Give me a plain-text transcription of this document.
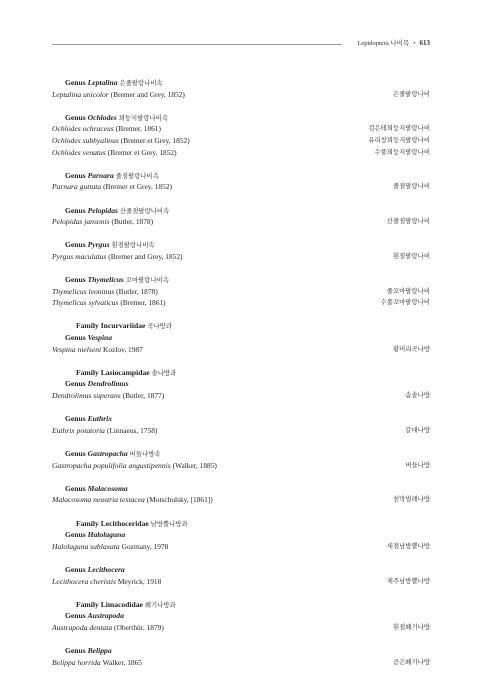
Lepidoptera 나비목 • 613
Genus Leptalina 은줄팔랑나비속
Leptalina unicolor (Bremer and Grey, 1852)	은줄팔랑나비
Genus Ochlodes 꾀둥지팔랑나비속
Ochlodes ochraceus (Bremer, 1861)	검은테꾀둥지팔랑나비
Ochlodes subhyalinus (Bremer et Grey, 1852)	유리창꾀둥지팔랑나비
Ochlodes venatus (Bremer et Grey, 1852)	수풀꾀둥지팔랑나비
Genus Parnara 줄점팔랑나비속
Parnara guttata (Bremer et Grey, 1852)	줄점팔랑나비
Genus Pelopidas 산줄점팔랑나비속
Pelopidas jansonis (Butler, 1878)	산줄점팔랑나비
Genus Pyrgus 흰점팔랑나비속
Pyrgus maculatus (Bremer and Grey, 1852)	흰점팔랑나비
Genus Thymelicus 꼬마팔랑나비속
Thymelicus leoninus (Butler, 1878)	줄꼬마팔랑나비
Thymelicus sylvaticus (Bremer, 1861)	수풀꼬마팔랑나비
Family Incurvariidae 곡나방과
Genus Vespina
Vespina nielseni Kozlov, 1987	황머리곡나방
Family Lasiocampidae 솔나방과
Genus Dendrolimus
Dendrolimus superans (Butler, 1877)	솜솔나방
Genus Euthrix
Euthrix potatoria (Linnaeus, 1758)	갈대나방
Genus Gastropacha 버들나방속
Gastropacha populifolia angustipennis (Walker, 1885)	버들나방
Genus Malacosoma
Malacosoma neustria testacea (Motschulsky, [1861])	천막벌레나방
Family Lecithoceridae 남방뿔나방과
Genus Halolaguna
Halolaguna sublaxata Gozmany, 1978	세점남방뿔나방
Genus Lecithocera
Lecithocera cheristis Meyrick, 1918	제주남방뿔나방
Family Limacodidae 쐐기나방과
Genus Austrapoda
Austrapoda dentata (Oberthür, 1879)	흰점쐐기나방
Genus Belippa
Belippa horrida Walker, 1865	곧은쐐기나방
